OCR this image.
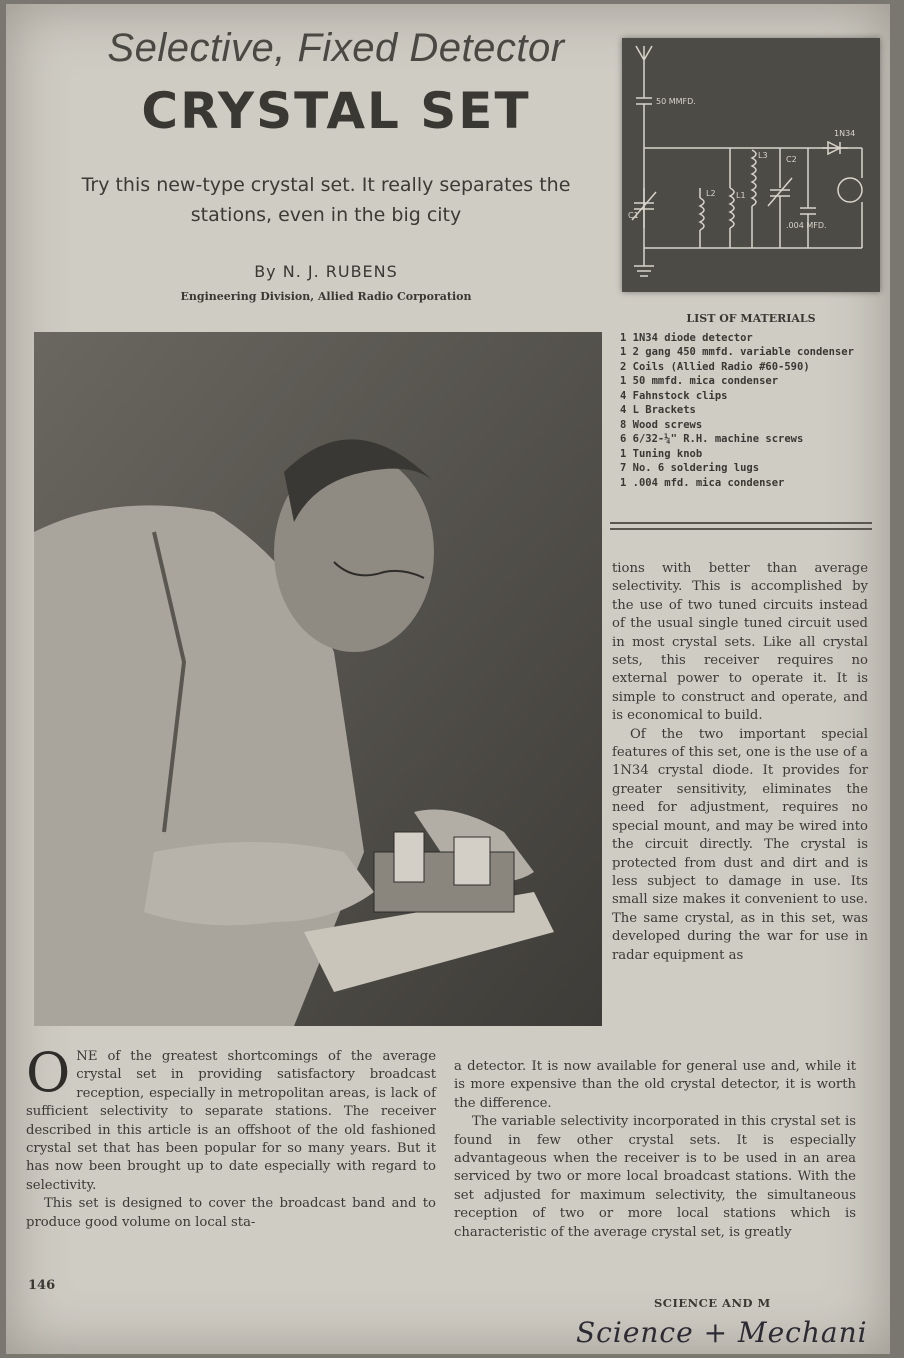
Selective, Fixed Detector
CRYSTAL SET
Try this new-type crystal set. It really separates the stations, even in the big city
By N. J. RUBENS
Engineering Division, Allied Radio Corporation
50 MMFD.
1N34
L3 C2
L2	L1
C1
.004 MFD.
LIST OF MATERIALS
1 1N34 diode detector
1 2 gang 450 mmfd. variable condenser
2 Coils (Allied Radio #60-590)
1 50 mmfd. mica condenser
4 Fahnstock clips
4 L Brackets
8 Wood screws
6 6/32-¼" R.H. machine screws
1 Tuning knob
7 No. 6 soldering lugs
1 .004 mfd. mica condenser

tions with better than average selectivity. This is accomplished by the use of two tuned circuits instead of the usual single tuned circuit used in most crystal sets. Like all crystal sets, this receiver requires no external power to operate it. It is simple to construct and operate, and is economical to build.

Of the two important special features of this set, one is the use of a 1N34 crystal diode. It provides for greater sensitivity, eliminates the need for adjustment, requires no special mount, and may be wired into the circuit directly. The crystal is protected from dust and dirt and is less subject to damage in use. Its small size makes it convenient to use. The same crystal, as in this set, was developed during the war for use in radar equipment as

ONE of the greatest shortcomings of the average crystal set in providing satisfactory broadcast reception, especially in metropolitan areas, is lack of sufficient selectivity to separate stations. The receiver described in this article is an offshoot of the old fashioned crystal set that has been popular for so many years. But it has now been brought up to date especially with regard to selectivity.

This set is designed to cover the broadcast band and to produce good volume on local sta-

a detector. It is now available for general use and, while it is more expensive than the old crystal detector, it is worth the difference.

The variable selectivity incorporated in this crystal set is found in few other crystal sets. It is especially advantageous when the receiver is to be used in an area serviced by two or more local broadcast stations. With the set adjusted for maximum selectivity, the simultaneous reception of two or more local stations which is characteristic of the average crystal set, is greatly

146
SCIENCE AND M
Science + Mechani
